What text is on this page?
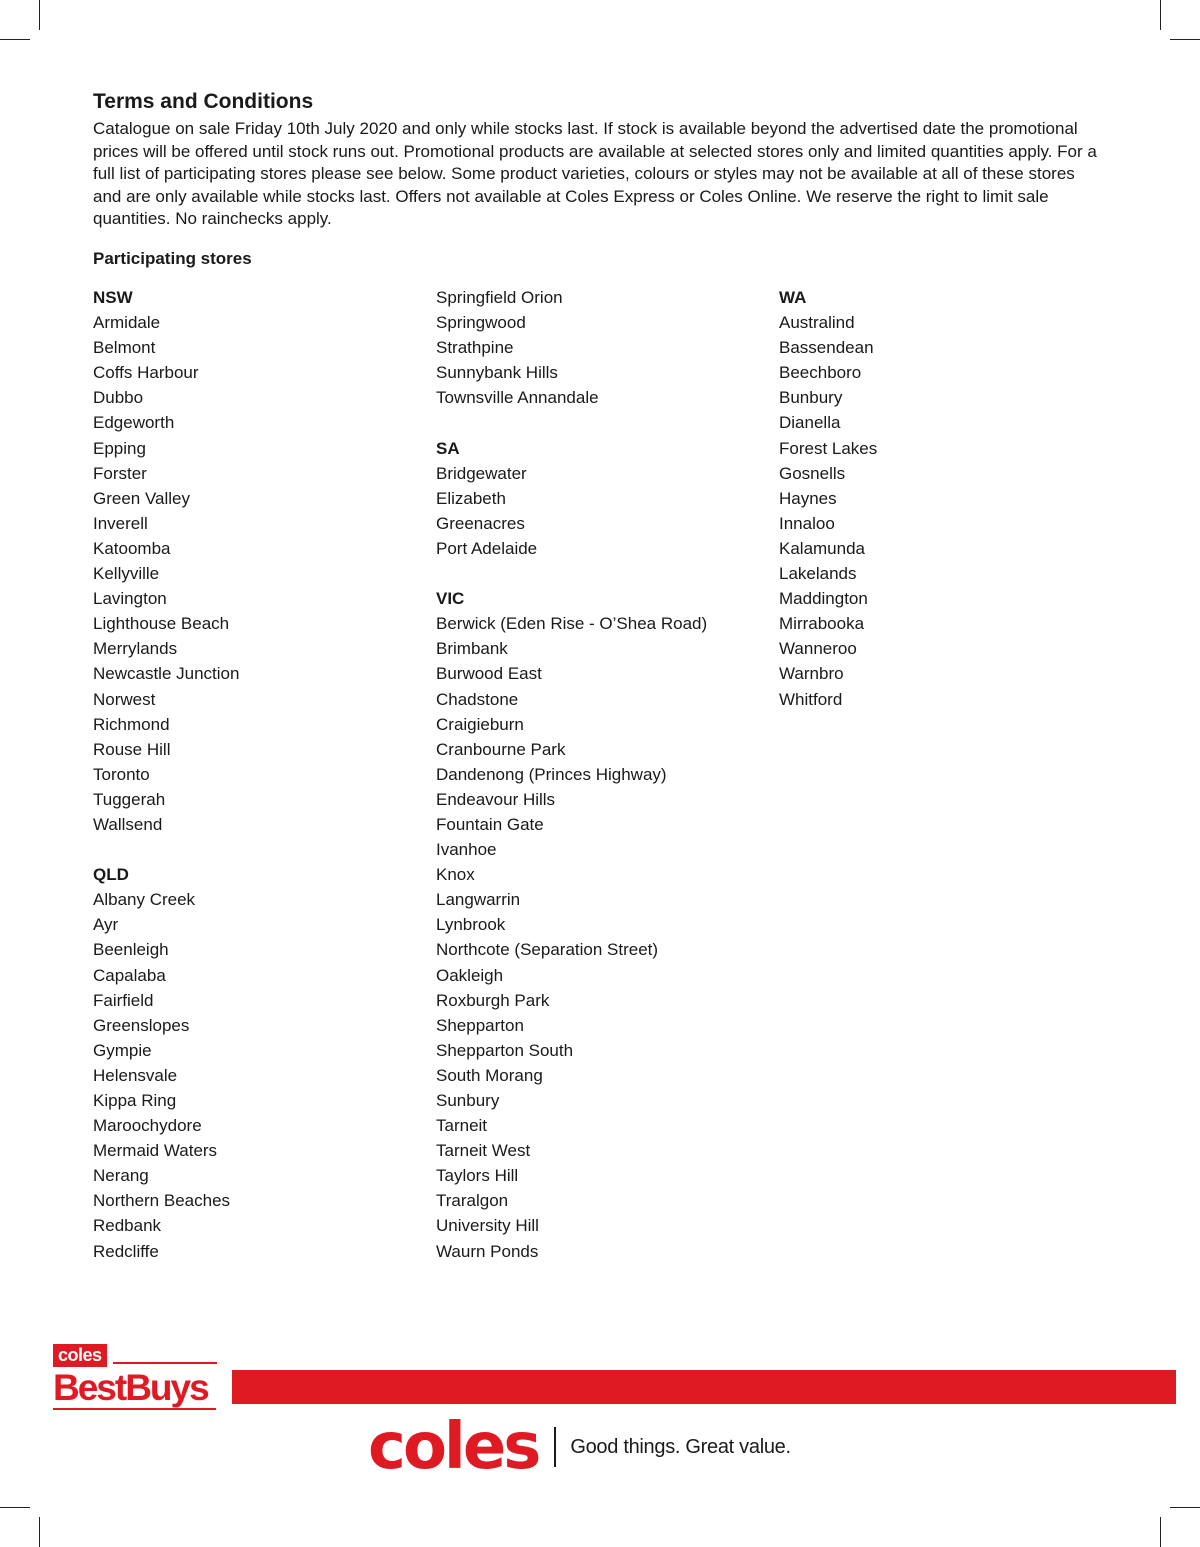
Terms and Conditions

Catalogue on sale Friday 10th July 2020 and only while stocks last. If stock is available beyond the advertised date the promotional prices will be offered until stock runs out. Promotional products are available at selected stores only and limited quantities apply. For a full list of participating stores please see below. Some product varieties, colours or styles may not be available at all of these stores and are only available while stocks last. Offers not available at Coles Express or Coles Online. We reserve the right to limit sale quantities. No rainchecks apply.

Participating stores
NSW
Armidale
Belmont
Coffs Harbour
Dubbo
Edgeworth
Epping
Forster
Green Valley
Inverell
Katoomba
Kellyville
Lavington
Lighthouse Beach
Merrylands
Newcastle Junction
Norwest
Richmond
Rouse Hill
Toronto
Tuggerah
Wallsend
QLD
Albany Creek
Ayr
Beenleigh
Capalaba
Fairfield
Greenslopes
Gympie
Helensvale
Kippa Ring
Maroochydore
Mermaid Waters
Nerang
Northern Beaches
Redbank
Redcliffe
Springfield Orion
Springwood
Strathpine
Sunnybank Hills
Townsville Annandale
SA
Bridgewater
Elizabeth
Greenacres
Port Adelaide
VIC
Berwick (Eden Rise - O’Shea Road)
Brimbank
Burwood East
Chadstone
Craigieburn
Cranbourne Park
Dandenong (Princes Highway)
Endeavour Hills
Fountain Gate
Ivanhoe
Knox
Langwarrin
Lynbrook
Northcote (Separation Street)
Oakleigh
Roxburgh Park
Shepparton
Shepparton South
South Morang
Sunbury
Tarneit
Tarneit West
Taylors Hill
Traralgon
University Hill
Waurn Ponds
WA
Australind
Bassendean
Beechboro
Bunbury
Dianella
Forest Lakes
Gosnells
Haynes
Innaloo
Kalamunda
Lakelands
Maddington
Mirrabooka
Wanneroo
Warnbro
Whitford
coles
BestBuys
coles Good things. Great value.
